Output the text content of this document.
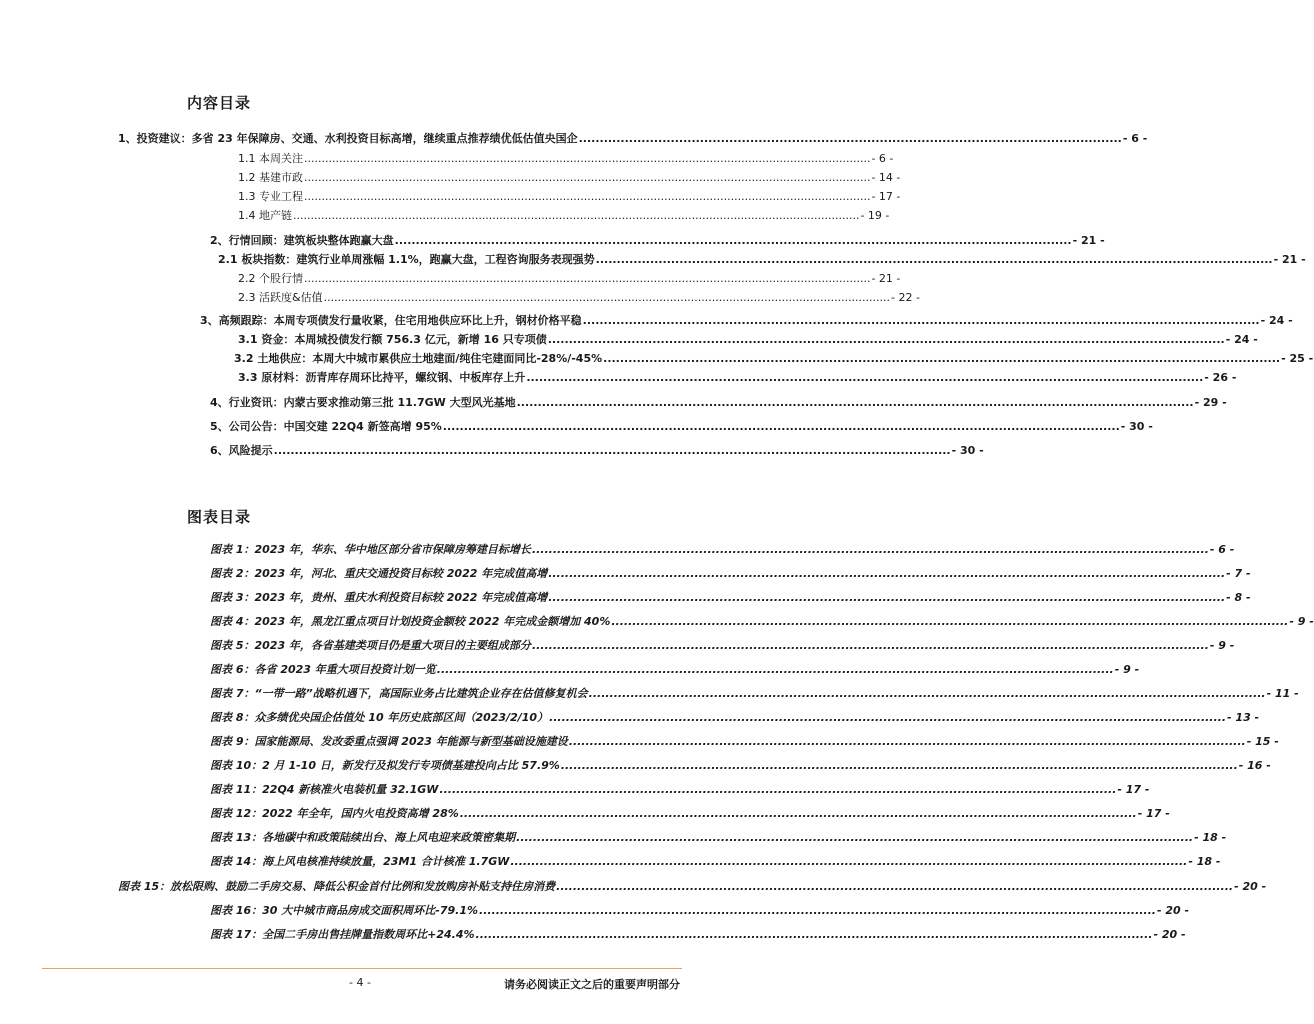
内容目录
1、投资建议：多省 23 年保障房、交通、水利投资目标高增，继续重点推荐绩优低估值央国企 .................................................................................................................................. - 6 -
1.1 本周关注 .................................................................................................................................................................. - 6 -
1.2 基建市政 .................................................................................................................................................................. - 14 -
1.3 专业工程 .................................................................................................................................................................. - 17 -
1.4 地产链 .................................................................................................................................................................. - 19 -
2、行情回顾：建筑板块整体跑赢大盘 .................................................................................................................................................................. - 21 -
2.1 板块指数：建筑行业单周涨幅 1.1%，跑赢大盘，工程咨询服务表现强势 .................................................................................................................................................................. - 21 -
2.2 个股行情 .................................................................................................................................................................. - 21 -
2.3 活跃度&估值 .................................................................................................................................................................. - 22 -
3、高频跟踪：本周专项债发行量收紧，住宅用地供应环比上升，钢材价格平稳 .................................................................................................................................................................. - 24 -
3.1 资金：本周城投债发行额 756.3 亿元，新增 16 只专项债 .................................................................................................................................................................. - 24 -
3.2 土地供应：本周大中城市累供应土地建面/纯住宅建面同比-28%/-45% .................................................................................................................................................................. - 25 -
3.3 原材料：沥青库存周环比持平，螺纹钢、中板库存上升 .................................................................................................................................................................. - 26 -
4、行业资讯：内蒙古要求推动第三批 11.7GW 大型风光基地 .................................................................................................................................................................. - 29 -
5、公司公告：中国交建 22Q4 新签高增 95% .................................................................................................................................................................. - 30 -
6、风险提示 .................................................................................................................................................................. - 30 -
图表目录
图表 1：2023 年，华东、华中地区部分省市保障房筹建目标增长 .................................................................................................................................................................. - 6 -
图表 2：2023 年，河北、重庆交通投资目标较 2022 年完成值高增 .................................................................................................................................................................. - 7 -
图表 3：2023 年，贵州、重庆水利投资目标较 2022 年完成值高增 .................................................................................................................................................................. - 8 -
图表 4：2023 年，黑龙江重点项目计划投资金额较 2022 年完成金额增加 40% .................................................................................................................................................................. - 9 -
图表 5：2023 年，各省基建类项目仍是重大项目的主要组成部分 .................................................................................................................................................................. - 9 -
图表 6：各省 2023 年重大项目投资计划一览 .................................................................................................................................................................. - 9 -
图表 7：“一带一路”战略机遇下，高国际业务占比建筑企业存在估值修复机会 .................................................................................................................................................................. - 11 -
图表 8：众多绩优央国企估值处 10 年历史底部区间（2023/2/10） .................................................................................................................................................................. - 13 -
图表 9：国家能源局、发改委重点强调 2023 年能源与新型基础设施建设 .................................................................................................................................................................. - 15 -
图表 10：2 月 1-10 日，新发行及拟发行专项债基建投向占比 57.9% .................................................................................................................................................................. - 16 -
图表 11：22Q4 新核准火电装机量 32.1GW .................................................................................................................................................................. - 17 -
图表 12：2022 年全年，国内火电投资高增 28% .................................................................................................................................................................. - 17 -
图表 13：各地碳中和政策陆续出台、海上风电迎来政策密集期 .................................................................................................................................................................. - 18 -
图表 14：海上风电核准持续放量，23M1 合计核准 1.7GW .................................................................................................................................................................. - 18 -
图表 15：放松限购、鼓励二手房交易、降低公积金首付比例和发放购房补贴支持住房消费 .................................................................................................................................................................. - 20 -
图表 16：30 大中城市商品房成交面积周环比-79.1% .................................................................................................................................................................. - 20 -
图表 17：全国二手房出售挂牌量指数周环比+24.4% .................................................................................................................................................................. - 20 -
- 4 -	请务必阅读正文之后的重要声明部分
